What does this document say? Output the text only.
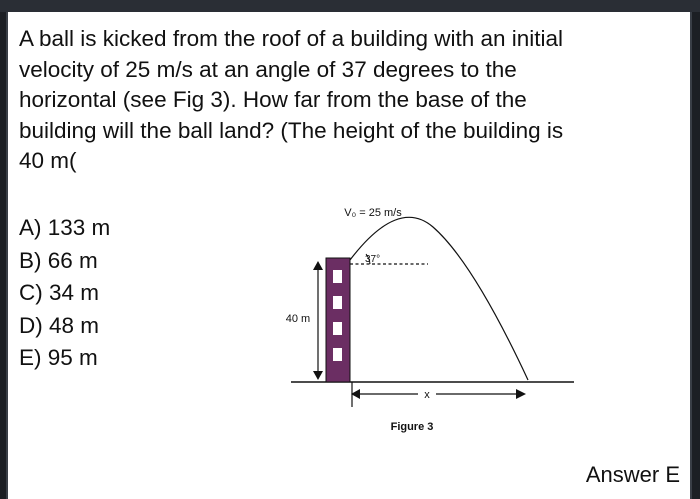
A ball is kicked from the roof of a building with an initial
velocity of 25 m/s at an angle of 37 degrees to the
horizontal (see Fig 3). How far from the base of the
building will the ball land? (The height of the building is
40 m(

A) 133 m
B) 66 m
C) 34 m
D) 48 m
E) 95 m
40 m
37°
V₀ = 25 m/s
x
Figure 3
Answer E
